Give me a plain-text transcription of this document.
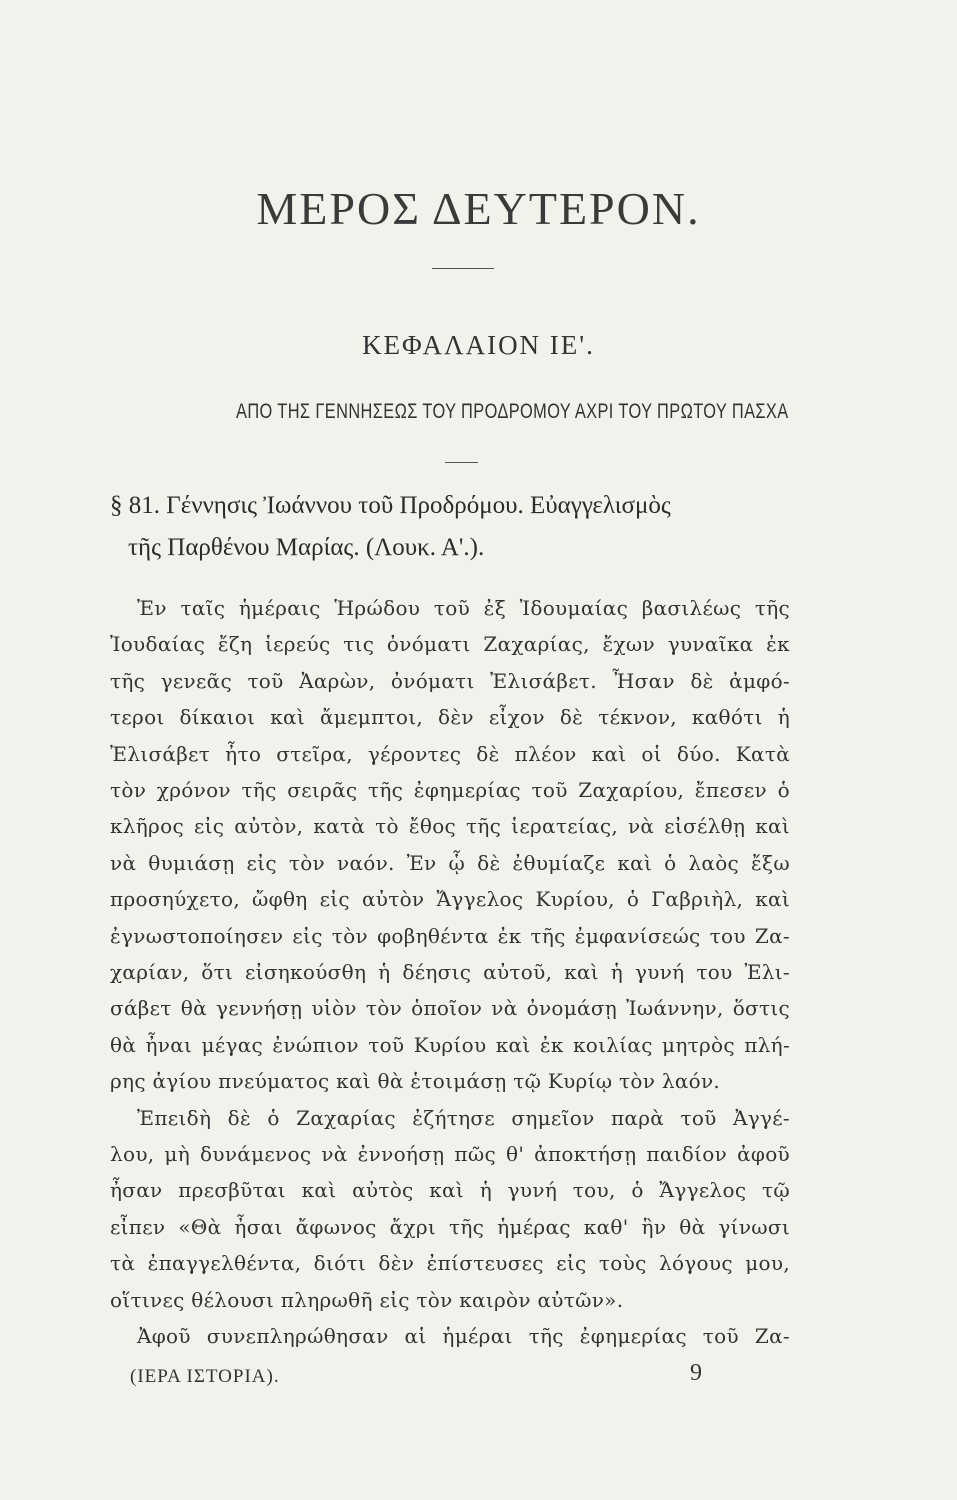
ΜΕΡΟΣ ΔΕΥΤΕΡΟΝ.
ΚΕΦΑΛΑΙΟΝ ΙΕ'.
ΑΠΟ ΤΗΣ ΓΕΝΝΗΣΕΩΣ ΤΟΥ ΠΡΟΔΡΟΜΟΥ ΑΧΡΙ ΤΟΥ ΠΡΩΤΟΥ ΠΑΣΧΑ
§ 81. Γέννησις Ἰωάννου τοῦ Προδρόμου. Εὐαγγελισμὸς
τῆς Παρθένου Μαρίας. (Λουκ. Α'.).
Ἐν ταῖς ἡμέραις Ἡρώδου τοῦ ἐξ Ἰδουμαίας βασιλέως τῆς
Ἰουδαίας ἔζη ἱερεύς τις ὀνόματι Ζαχαρίας, ἔχων γυναῖκα ἐκ
τῆς γενεᾶς τοῦ Ἀαρὼν, ὀνόματι Ἐλισάβετ. Ἦσαν δὲ ἀμφό-
τεροι δίκαιοι καὶ ἄμεμπτοι, δὲν εἶχον δὲ τέκνον, καθότι ἡ
Ἐλισάβετ ἦτο στεῖρα, γέροντες δὲ πλέον καὶ οἱ δύο. Κατὰ
τὸν χρόνον τῆς σειρᾶς τῆς ἐφημερίας τοῦ Ζαχαρίου, ἔπεσεν ὁ
κλῆρος εἰς αὐτὸν, κατὰ τὸ ἔθος τῆς ἱερατείας, νὰ εἰσέλθῃ καὶ
νὰ θυμιάσῃ εἰς τὸν ναόν. Ἐν ᾧ δὲ ἐθυμίαζε καὶ ὁ λαὸς ἔξω
προσηύχετο, ὤφθη εἰς αὐτὸν Ἄγγελος Κυρίου, ὁ Γαβριὴλ, καὶ
ἐγνωστοποίησεν εἰς τὸν φοβηθέντα ἐκ τῆς ἐμφανίσεώς του Ζα-
χαρίαν, ὅτι εἰσηκούσθη ἡ δέησις αὐτοῦ, καὶ ἡ γυνή του Ἐλι-
σάβετ θὰ γεννήσῃ υἱὸν τὸν ὁποῖον νὰ ὀνομάσῃ Ἰωάννην, ὅστις
θὰ ἦναι μέγας ἐνώπιον τοῦ Κυρίου καὶ ἐκ κοιλίας μητρὸς πλή-
ρης ἁγίου πνεύματος καὶ θὰ ἑτοιμάσῃ τῷ Κυρίῳ τὸν λαόν.
Ἐπειδὴ δὲ ὁ Ζαχαρίας ἐζήτησε σημεῖον παρὰ τοῦ Ἀγγέ-
λου, μὴ δυνάμενος νὰ ἐννοήσῃ πῶς θ' ἀποκτήσῃ παιδίον ἀφοῦ
ἦσαν πρεσβῦται καὶ αὐτὸς καὶ ἡ γυνή του, ὁ Ἄγγελος τῷ
εἶπεν «Θὰ ἦσαι ἄφωνος ἄχρι τῆς ἡμέρας καθ' ἣν θὰ γίνωσι
τὰ ἐπαγγελθέντα, διότι δὲν ἐπίστευσες εἰς τοὺς λόγους μου,
οἵτινες θέλουσι πληρωθῆ εἰς τὸν καιρὸν αὐτῶν».
Ἀφοῦ συνεπληρώθησαν αἱ ἡμέραι τῆς ἐφημερίας τοῦ Ζα-
(ΙΕΡΑ ΙΣΤΟΡΙΑ).	9
